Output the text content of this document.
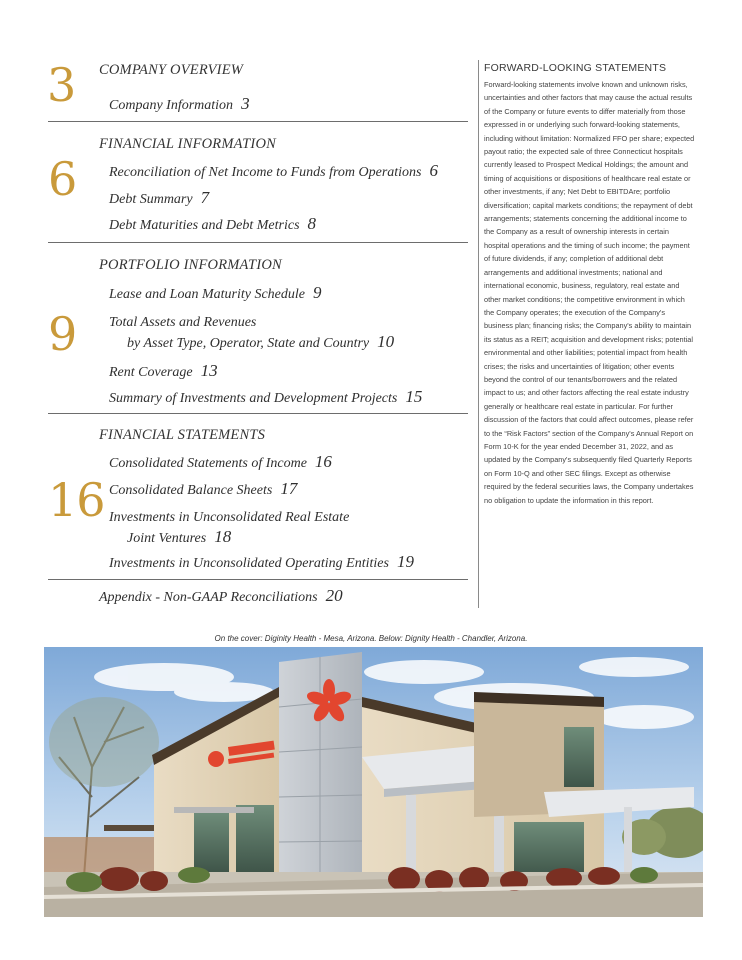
3 COMPANY OVERVIEW
Company Information 3
6
FINANCIAL INFORMATION
Reconciliation of Net Income to Funds from Operations 6
Debt Summary 7
Debt Maturities and Debt Metrics 8
9
PORTFOLIO INFORMATION
Lease and Loan Maturity Schedule 9
Total Assets and Revenues
by Asset Type, Operator, State and Country 10
Rent Coverage 13
Summary of Investments and Development Projects 15
16
FINANCIAL STATEMENTS
Consolidated Statements of Income 16
Consolidated Balance Sheets 17
Investments in Unconsolidated Real Estate
Joint Ventures 18
Investments in Unconsolidated Operating Entities 19
Appendix - Non-GAAP Reconciliations 20
FORWARD-LOOKING STATEMENTS

Forward-looking statements involve known and unknown risks, uncertainties and other factors that may cause the actual results of the Company or future events to differ materially from those expressed in or underlying such forward-looking statements, including without limitation: Normalized FFO per share; expected payout ratio; the expected sale of three Connecticut hospitals currently leased to Prospect Medical Holdings; the amount and timing of acquisitions or dispositions of healthcare real estate or other investments, if any; Net Debt to EBITDAre; portfolio diversification; capital markets conditions; the repayment of debt arrangements; statements concerning the additional income to the Company as a result of ownership interests in certain hospital operations and the timing of such income; the payment of future dividends, if any; completion of additional debt arrangements and additional investments; national and international economic, business, regulatory, real estate and other market conditions; the competitive environment in which the Company operates; the execution of the Company's business plan; financing risks; the Company's ability to maintain its status as a REIT; acquisition and development risks; potential environmental and other liabilities; potential impact from health crises; the risks and uncertainties of litigation; other events beyond the control of our tenants/borrowers and the related impact to us; and other factors affecting the real estate industry generally or healthcare real estate in particular. For further discussion of the factors that could affect outcomes, please refer to the “Risk Factors” section of the Company's Annual Report on Form 10-K for the year ended December 31, 2022, and as updated by the Company's subsequently filed Quarterly Reports on Form 10-Q and other SEC filings. Except as otherwise required by the federal securities laws, the Company undertakes no obligation to update the information in this report.

On the cover: Diginity Health - Mesa, Arizona. Below: Dignity Health - Chandler, Arizona.
